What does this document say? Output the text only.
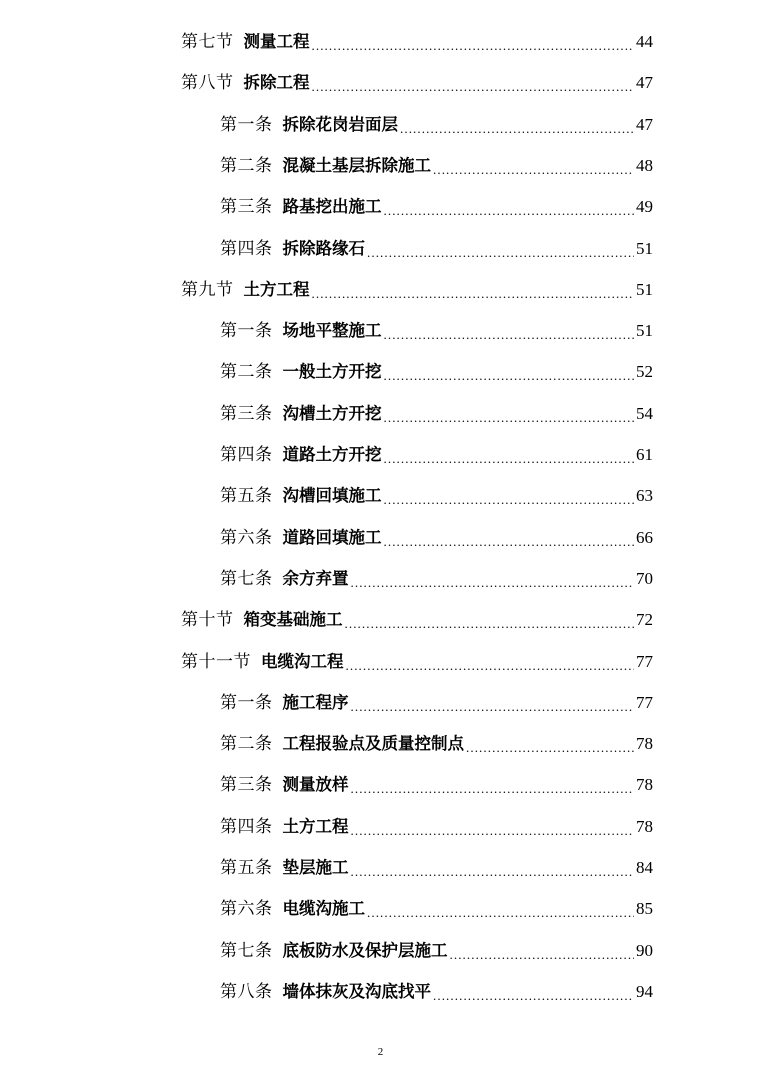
第七节 测量工程 .....	44
第八节 拆除工程 .....	47
第一条 拆除花岗岩面层 .....	47
第二条 混凝土基层拆除施工 .....	48
第三条 路基挖出施工 .....	49
第四条 拆除路缘石 .....	51
第九节 土方工程 .....	51
第一条 场地平整施工 .....	51
第二条 一般土方开挖 .....	52
第三条 沟槽土方开挖 .....	54
第四条 道路土方开挖 .....	61
第五条 沟槽回填施工 .....	63
第六条 道路回填施工 .....	66
第七条 余方弃置 .....	70
第十节 箱变基础施工 .....	72
第十一节 电缆沟工程 .....	77
第一条 施工程序 .....	77
第二条 工程报验点及质量控制点 .....	78
第三条 测量放样 .....	78
第四条 土方工程 .....	78
第五条 垫层施工 .....	84
第六条 电缆沟施工 .....	85
第七条 底板防水及保护层施工 .....	90
第八条 墙体抹灰及沟底找平 .....	94
2
